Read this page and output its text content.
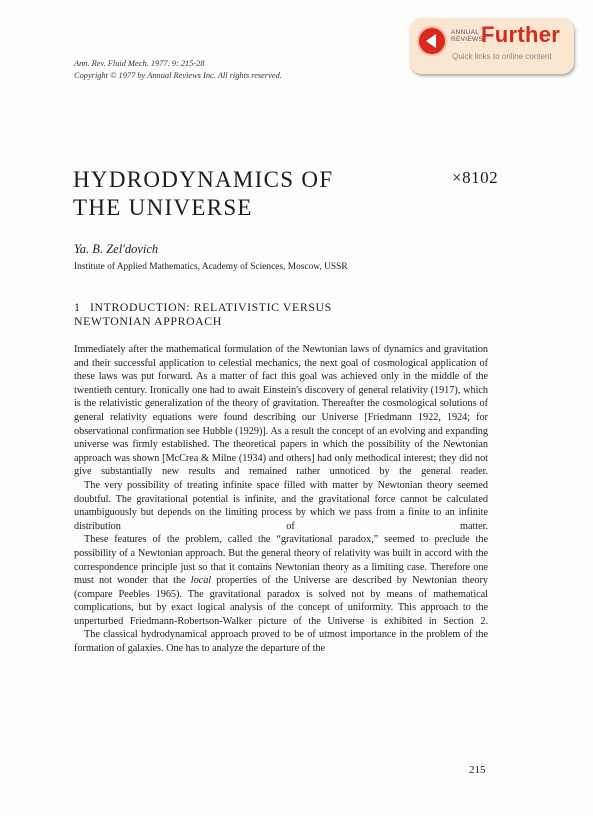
Ann. Rev. Fluid Mech. 1977. 9: 215-28
Copyright © 1977 by Annual Reviews Inc. All rights reserved.
ANNUAL
REVIEWS
Further
Quick links to online content
HYDRODYNAMICS OF
THE UNIVERSE
×8102
Ya. B. Zel'dovich
Institute of Applied Mathematics, Academy of Sciences, Moscow, USSR
1 INTRODUCTION: RELATIVISTIC VERSUS
NEWTONIAN APPROACH

Immediately after the mathematical formulation of the Newtonian laws of dynamics and gravitation and their successful application to celestial mechanics, the next goal of cosmological application of these laws was put forward. As a matter of fact this goal was achieved only in the middle of the twentieth century. Ironically one had to await Einstein's discovery of general relativity (1917), which is the relativistic generalization of the theory of gravitation. Thereafter the cosmological solutions of general relativity equations were found describing our Universe [Friedmann 1922, 1924; for observational confirmation see Hubble (1929)]. As a result the concept of an evolving and expanding universe was firmly established. The theoretical papers in which the possibility of the Newtonian approach was shown [McCrea & Milne (1934) and others] had only methodical interest; they did not give substantially new results and remained rather unnoticed by the general reader.

The very possibility of treating infinite space filled with matter by Newtonian theory seemed doubtful. The gravitational potential is infinite, and the gravitational force cannot be calculated unambiguously but depends on the limiting process by which we pass from a finite to an infinite distribution of matter.

These features of the problem, called the “gravitational paradox,” seemed to preclude the possibility of a Newtonian approach. But the general theory of relativity was built in accord with the correspondence principle just so that it contains Newtonian theory as a limiting case. Therefore one must not wonder that the local properties of the Universe are described by Newtonian theory (compare Peebles 1965). The gravitational paradox is solved not by means of mathematical complications, but by exact logical analysis of the concept of uniformity. This approach to the unperturbed Friedmann-Robertson-Walker picture of the Universe is exhibited in Section 2.

The classical hydrodynamical approach proved to be of utmost importance in the problem of the formation of galaxies. One has to analyze the departure of the

215
